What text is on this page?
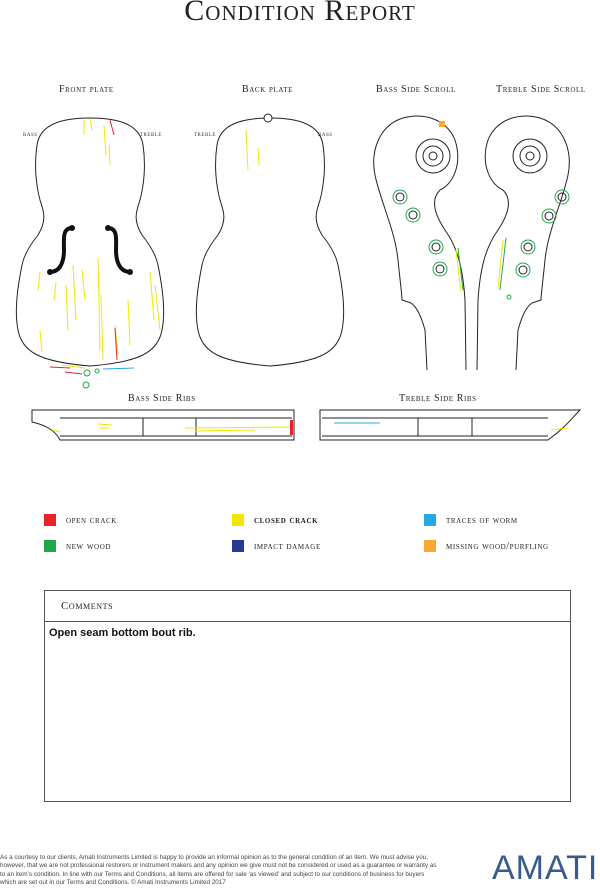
Condition Report
Front plate	Back plate	Bass Side Scroll	Treble Side Scroll
Bass Side Ribs	Treble Side Ribs
bass	treble	treble	bass
open crack	closed crack	traces of worm
new wood	impact damage	missing wood/purfling
Comments
Open seam bottom bout rib.
As a courtesy to our clients, Amati Instruments Limited is happy to provide an informal opinion as to the general condition of an item. We must advise you, however, that we are not professional restorers or instrument makers and any opinion we give must not be considered or used as a guarantee or warranty as to an item’s condition. In line with our Terms and Conditions, all items are offered for sale ‘as viewed’ and subject to our conditions of business for buyers which are set out in our Terms and Conditions. © Amati Instruments Limited 2017	AMATI
